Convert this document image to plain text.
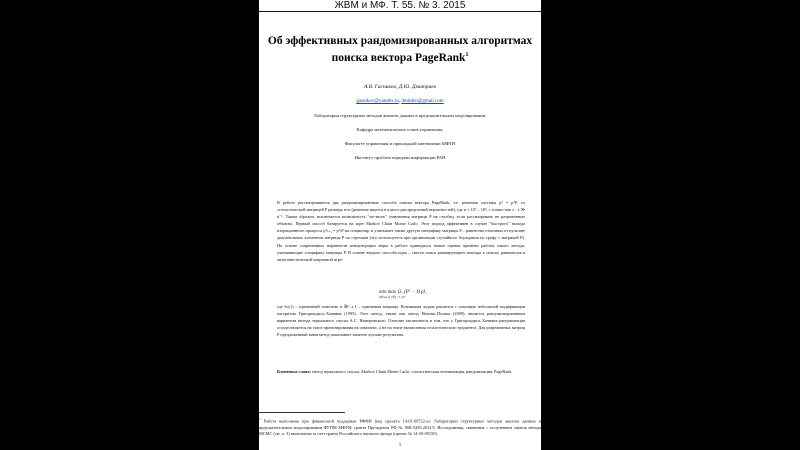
ЖВМ и МФ. Т. 55. № 3. 2015
Об эффективных рандомизированных алгоритмах
поиска вектора PageRank$^1$
А.В. Гасников, Д.Ю. Дмитриев
gasnikov@yandex.ru, dmitden@gmail.com
Лаборатория структурных методов анализа данных в предсказательном моделировании,
Кафедра математических основ управления,
Факультет управления и прикладной математики МФТИ
Институт проблем передачи информации РАН

В работе рассматриваются два рандомизированных способа поиска вектора PageRank, т.е. решения системы pᵀ = pᵀP, со стохастической матрицей P размера n×n (решение ищется в классе распределений вероятностей), где n ≈ 10⁷ – 10⁹, с точностью ε : ε ≫ n⁻¹. Таким образом, исключается возможность "честного" умножения матрицы P на столбец, если рассматривать не разреженные объекты. Первый способ базируется на идее Markov Chain Monte Carlo. Этот подход эффективен в случае "быстрого" выхода итерационного процесса pᵀₜ₊₁ = pᵀₜP на стационар, и учитывает также другую специфику матрицы P – равенство отличных от нуля вне диагональных элементов матрицы P по строчкам (это используется при организации случайного блуждания по графу с матрицей P). На основе современных неравенств концентрации меры в работе приводятся новые оценки времени работы такого метода, учитывающие специфику матрицы P. В основе второго способа идея – свести поиск ранжирующего вектора к поиску равновесия в антагонистической матричной игре:

min max ⟨λ, (Pᵀ − I) p⟩,
p∈Sₙ(1) λ∈[−1,1]ⁿ

где Sₙ(1) – единичный симплекс в ℝⁿ, а I – единичная матрица. Возникшая задача решается с помощью небольшой модификации алгоритма Григориадиса–Хачияна (1995). Этот метод, также как метод Назина–Поляка (2009), является рандомизированным вариантом метода зеркального спуска А.С. Немировского. Отличие заключается в том, что у Григориадиса–Хачияна рандомизация осуществляется на этапе проектирования на симплекс, а не на этапе вычисления стохастического градиента. Для разреженных матриц P предложенный нами метод показывает заметно лучшие результаты.

Ключевые слова: метод зеркального спуска, Markov Chain Monte Carlo, стохастическая оптимизация, рандомизация, PageRank.
$^1$ Работа выполнена при финансовой поддержке РФФИ (код проекта 14-01-00722-а); Лаборатории структурных методов анализа данных в предсказательном моделировании ФУПМ МФТИ; гранта Президента РФ № МК-5285.2013.9. Исследования, связанные с получением оценок метода МСМС (см. п. 3) выполнены за счет гранта Российского научного фонда (проект № 14-50-00150).
1
